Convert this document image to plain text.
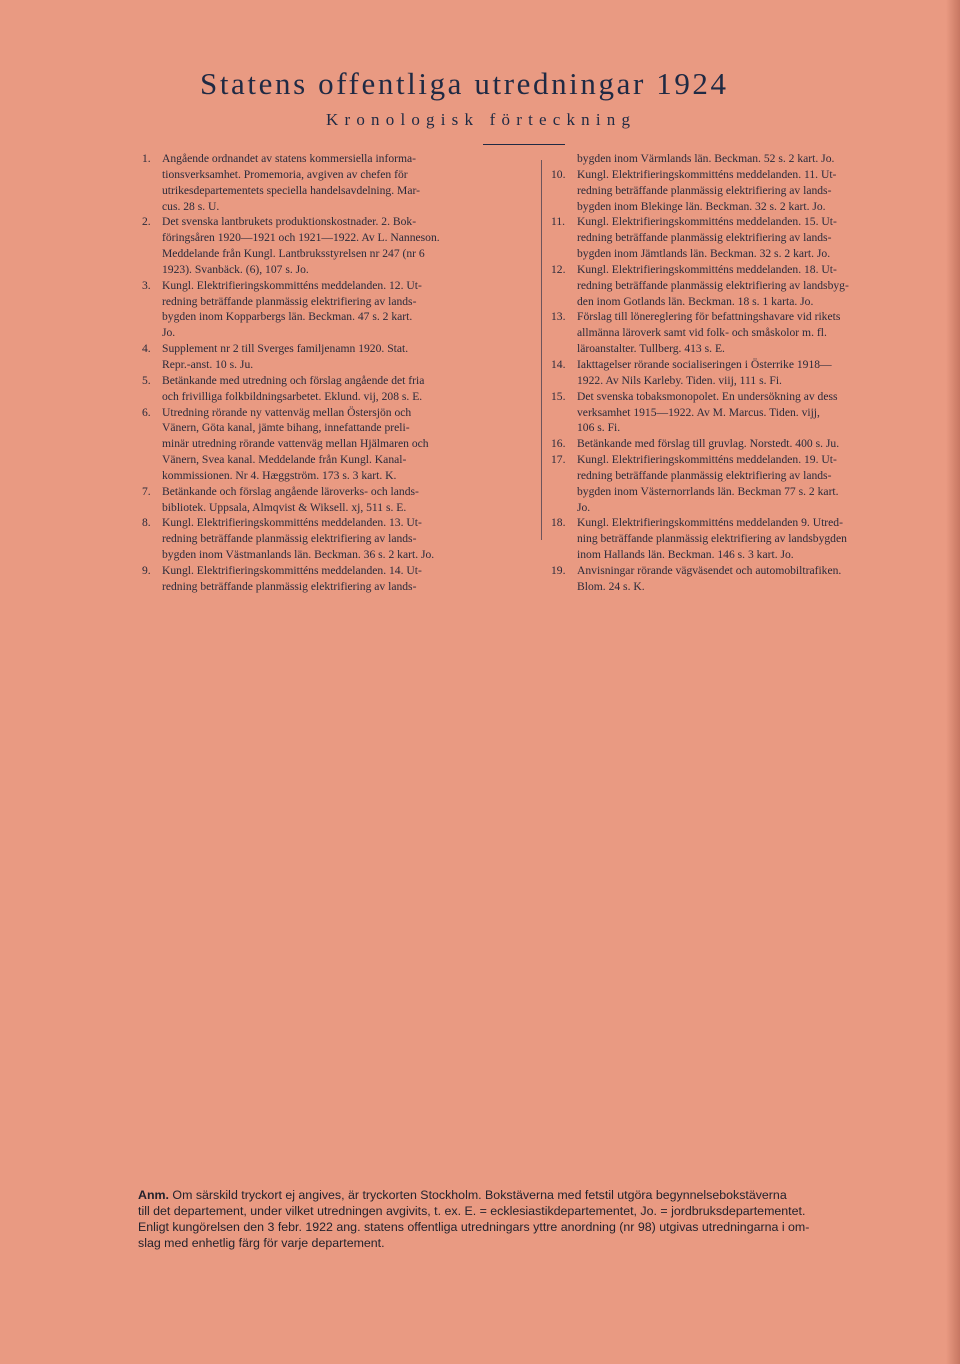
Statens offentliga utredningar 1924
Kronologisk förteckning
1. Angående ordnandet av statens kommersiella informa-
tionsverksamhet. Promemoria, avgiven av chefen för
utrikesdepartementets speciella handelsavdelning. Mar-
cus. 28 s. U.
2. Det svenska lantbrukets produktionskostnader. 2. Bok-
föringsåren 1920—1921 och 1921—1922. Av L. Nanneson.
Meddelande från Kungl. Lantbruksstyrelsen nr 247 (nr 6
1923). Svanbäck. (6), 107 s. Jo.
3. Kungl. Elektrifieringskommitténs meddelanden. 12. Ut-
redning beträffande planmässig elektrifiering av lands-
bygden inom Kopparbergs län. Beckman. 47 s. 2 kart.
Jo.
4. Supplement nr 2 till Sverges familjenamn 1920. Stat.
Repr.-anst. 10 s. Ju.
5. Betänkande med utredning och förslag angående det fria
och frivilliga folkbildningsarbetet. Eklund. vij, 208 s. E.
6. Utredning rörande ny vattenväg mellan Östersjön och
Vänern, Göta kanal, jämte bihang, innefattande preli-
minär utredning rörande vattenväg mellan Hjälmaren och
Vänern, Svea kanal. Meddelande från Kungl. Kanal-
kommissionen. Nr 4. Hæggström. 173 s. 3 kart. K.
7. Betänkande och förslag angående läroverks- och lands-
bibliotek. Uppsala, Almqvist & Wiksell. xj, 511 s. E.
8. Kungl. Elektrifieringskommitténs meddelanden. 13. Ut-
redning beträffande planmässig elektrifiering av lands-
bygden inom Västmanlands län. Beckman. 36 s. 2 kart. Jo.
9. Kungl. Elektrifieringskommitténs meddelanden. 14. Ut-
redning beträffande planmässig elektrifiering av lands-
bygden inom Värmlands län. Beckman. 52 s. 2 kart. Jo.
10. Kungl. Elektrifieringskommitténs meddelanden. 11. Ut-
redning beträffande planmässig elektrifiering av lands-
bygden inom Blekinge län. Beckman. 32 s. 2 kart. Jo.
11. Kungl. Elektrifieringskommitténs meddelanden. 15. Ut-
redning beträffande planmässig elektrifiering av lands-
bygden inom Jämtlands län. Beckman. 32 s. 2 kart. Jo.
12. Kungl. Elektrifieringskommitténs meddelanden. 18. Ut-
redning beträffande planmässig elektrifiering av landsbyg-
den inom Gotlands län. Beckman. 18 s. 1 karta. Jo.
13. Förslag till lönereglering för befattningshavare vid rikets
allmänna läroverk samt vid folk- och småskolor m. fl.
läroanstalter. Tullberg. 413 s. E.
14. Iakttagelser rörande socialiseringen i Österrike 1918—
1922. Av Nils Karleby. Tiden. viij, 111 s. Fi.
15. Det svenska tobaksmonopolet. En undersökning av dess
verksamhet 1915—1922. Av M. Marcus. Tiden. vijj,
106 s. Fi.
16. Betänkande med förslag till gruvlag. Norstedt. 400 s. Ju.
17. Kungl. Elektrifieringskommitténs meddelanden. 19. Ut-
redning beträffande planmässig elektrifiering av lands-
bygden inom Västernorrlands län. Beckman 77 s. 2 kart.
Jo.
18. Kungl. Elektrifieringskommitténs meddelanden 9. Utred-
ning beträffande planmässig elektrifiering av landsbygden
inom Hallands län. Beckman. 146 s. 3 kart. Jo.
19. Anvisningar rörande vägväsendet och automobiltrafiken.
Blom. 24 s. K.
Anm. Om särskild tryckort ej angives, är tryckorten Stockholm. Bokstäverna med fetstil utgöra begynnelsebokstäverna
till det departement, under vilket utredningen avgivits, t. ex. E. = ecklesiastikdepartementet, Jo. = jordbruksdepartementet.
Enligt kungörelsen den 3 febr. 1922 ang. statens offentliga utredningars yttre anordning (nr 98) utgivas utredningarna i om-
slag med enhetlig färg för varje departement.
